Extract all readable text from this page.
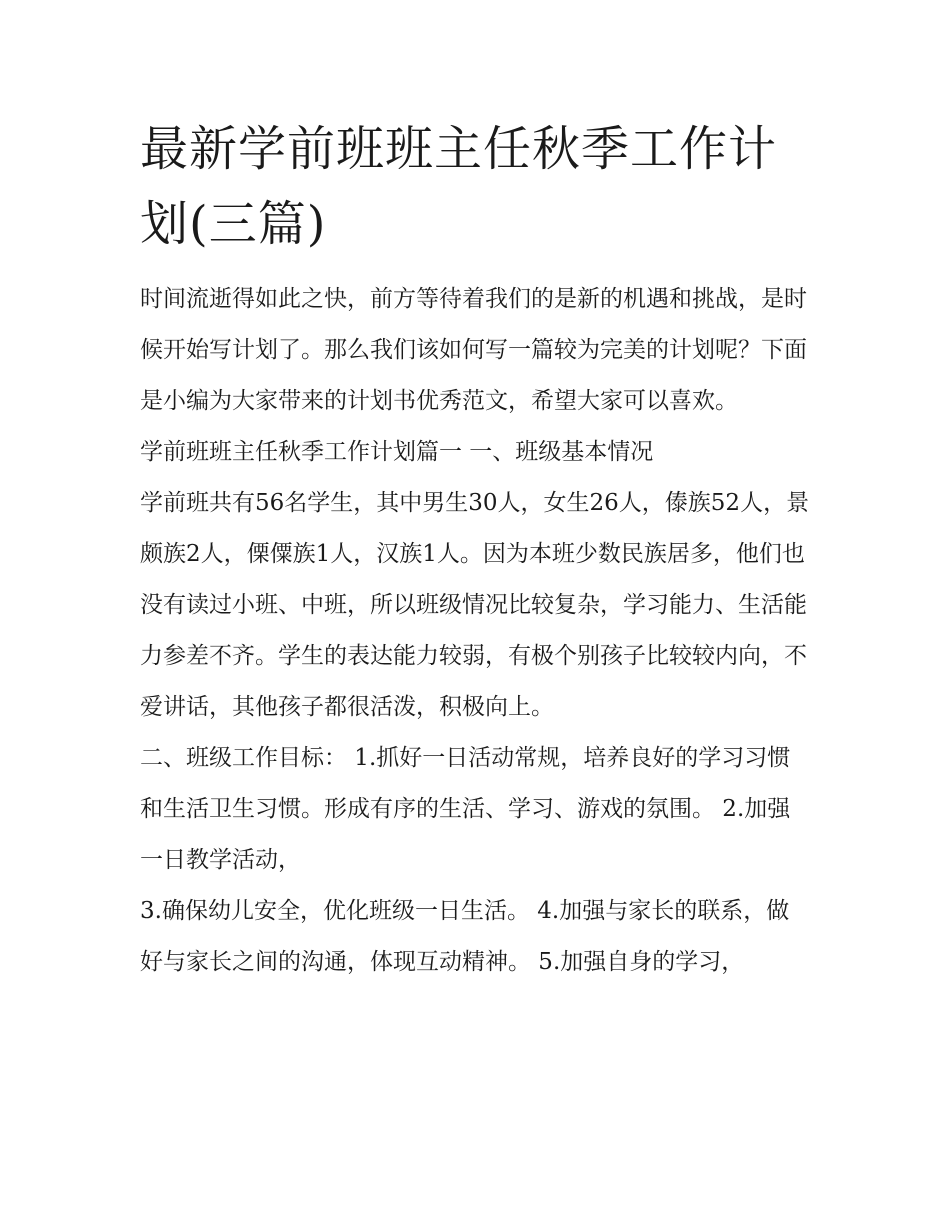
最新学前班班主任秋季工作计划(三篇)

时间流逝得如此之快，前方等待着我们的是新的机遇和挑战，是时候开始写计划了。那么我们该如何写一篇较为完美的计划呢？下面是小编为大家带来的计划书优秀范文，希望大家可以喜欢。

学前班班主任秋季工作计划篇一 一、班级基本情况

学前班共有56名学生，其中男生30人，女生26人，傣族52人，景颇族2人，傈僳族1人，汉族1人。因为本班少数民族居多，他们也没有读过小班、中班，所以班级情况比较复杂，学习能力、生活能力参差不齐。学生的表达能力较弱，有极个别孩子比较较内向，不爱讲话，其他孩子都很活泼，积极向上。

二、班级工作目标： 1.抓好一日活动常规，培养良好的学习习惯和生活卫生习惯。形成有序的生活、学习、游戏的氛围。 2.加强一日教学活动，

3.确保幼儿安全，优化班级一日生活。 4.加强与家长的联系，做好与家长之间的沟通，体现互动精神。 5.加强自身的学习，
